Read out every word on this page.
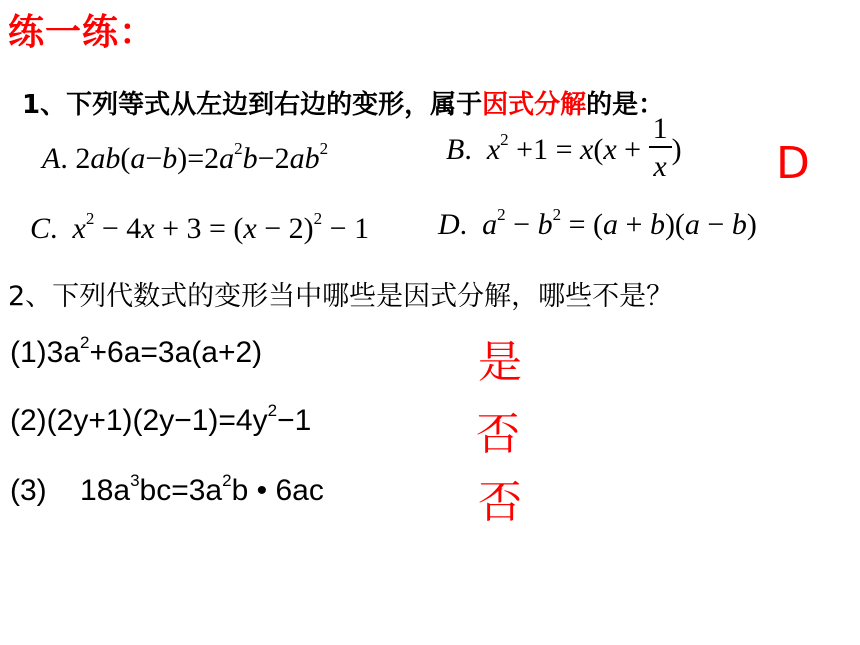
练一练：
1、下列等式从左边到右边的变形，属于因式分解的是：
A. $2ab(a-b)=2a^2b-2ab^2$	B.  $x^2 +1 = x(x + \frac{1}{x}$ ) D
C.  $x^2 - 4x + 3 = (x - 2)^2 - 1$ D.  $a^2 - b^2 = (a + b)(a - b)$
2、下列代数式的变形当中哪些是因式分解，哪些不是？
$(1)3a^2+6a=3a(a+2)$	是
$(2)(2y+1)(2y-1)=4y^2-1$	否
(3)    $18a^3bc=3a^2b$ • 6ac	否
